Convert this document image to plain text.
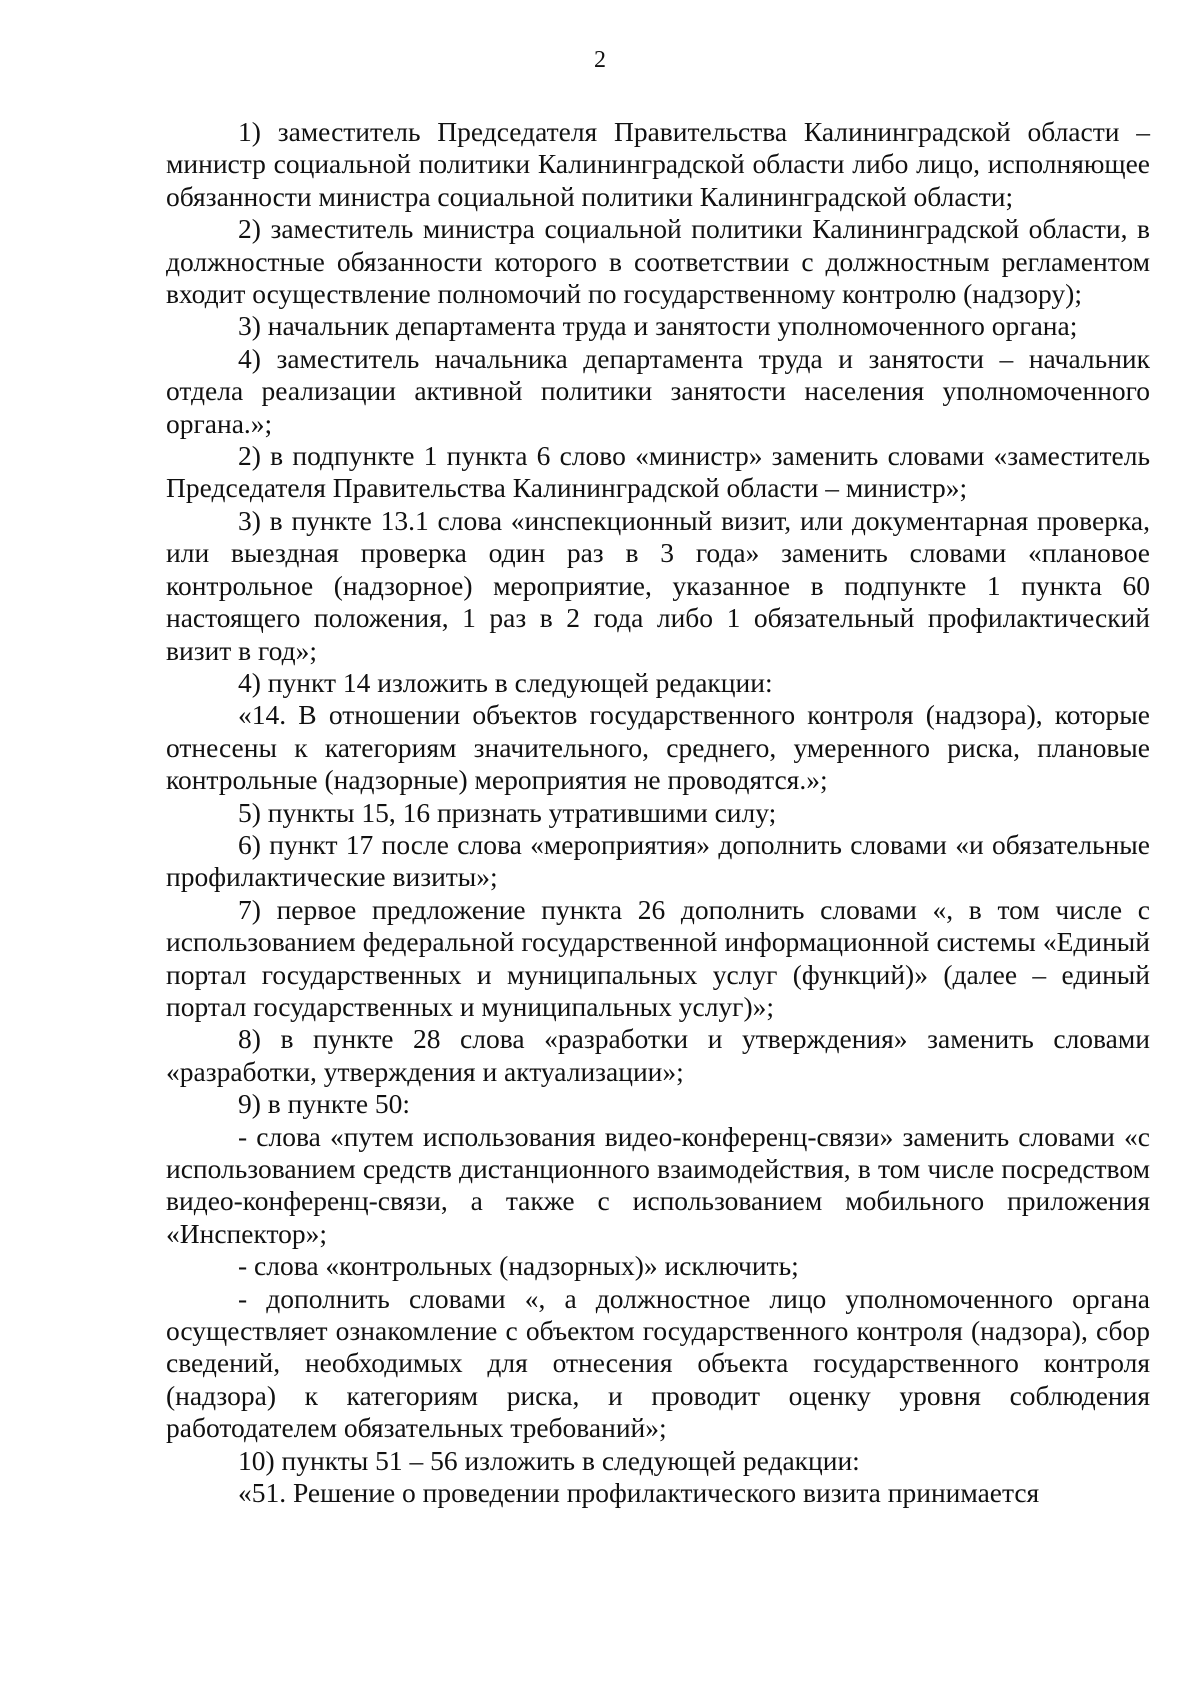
2

1) заместитель Председателя Правительства Калининградской области – министр социальной политики Калининградской области либо лицо, исполняющее обязанности министра социальной политики Калининградской области;

2) заместитель министра социальной политики Калининградской области, в должностные обязанности которого в соответствии с должностным регламентом входит осуществление полномочий по государственному контролю (надзору);

3) начальник департамента труда и занятости уполномоченного органа;

4) заместитель начальника департамента труда и занятости – начальник отдела реализации активной политики занятости населения уполномоченного органа.»;

2) в подпункте 1 пункта 6 слово «министр» заменить словами «заместитель Председателя Правительства Калининградской области – министр»;

3) в пункте 13.1 слова «инспекционный визит, или документарная проверка, или выездная проверка один раз в 3 года» заменить словами «плановое контрольное (надзорное) мероприятие, указанное в подпункте 1 пункта 60 настоящего положения, 1 раз в 2 года либо 1 обязательный профилактический визит в год»;

4) пункт 14 изложить в следующей редакции:

«14. В отношении объектов государственного контроля (надзора), которые отнесены к категориям значительного, среднего, умеренного риска, плановые контрольные (надзорные) мероприятия не проводятся.»;

5) пункты 15, 16 признать утратившими силу;

6) пункт 17 после слова «мероприятия» дополнить словами «и обязательные профилактические визиты»;

7) первое предложение пункта 26 дополнить словами «, в том числе с использованием федеральной государственной информационной системы «Единый портал государственных и муниципальных услуг (функций)» (далее – единый портал государственных и муниципальных услуг)»;

8) в пункте 28 слова «разработки и утверждения» заменить словами «разработки, утверждения и актуализации»;

9) в пункте 50:

- слова «путем использования видео-конференц-связи» заменить словами «с использованием средств дистанционного взаимодействия, в том числе посредством видео-конференц-связи, а также с использованием мобильного приложения «Инспектор»;

- слова «контрольных (надзорных)» исключить;

- дополнить словами «, а должностное лицо уполномоченного органа осуществляет ознакомление с объектом государственного контроля (надзора), сбор сведений, необходимых для отнесения объекта государственного контроля (надзора) к категориям риска, и проводит оценку уровня соблюдения работодателем обязательных требований»;

10) пункты 51 – 56 изложить в следующей редакции:

«51. Решение о проведении профилактического визита принимается
